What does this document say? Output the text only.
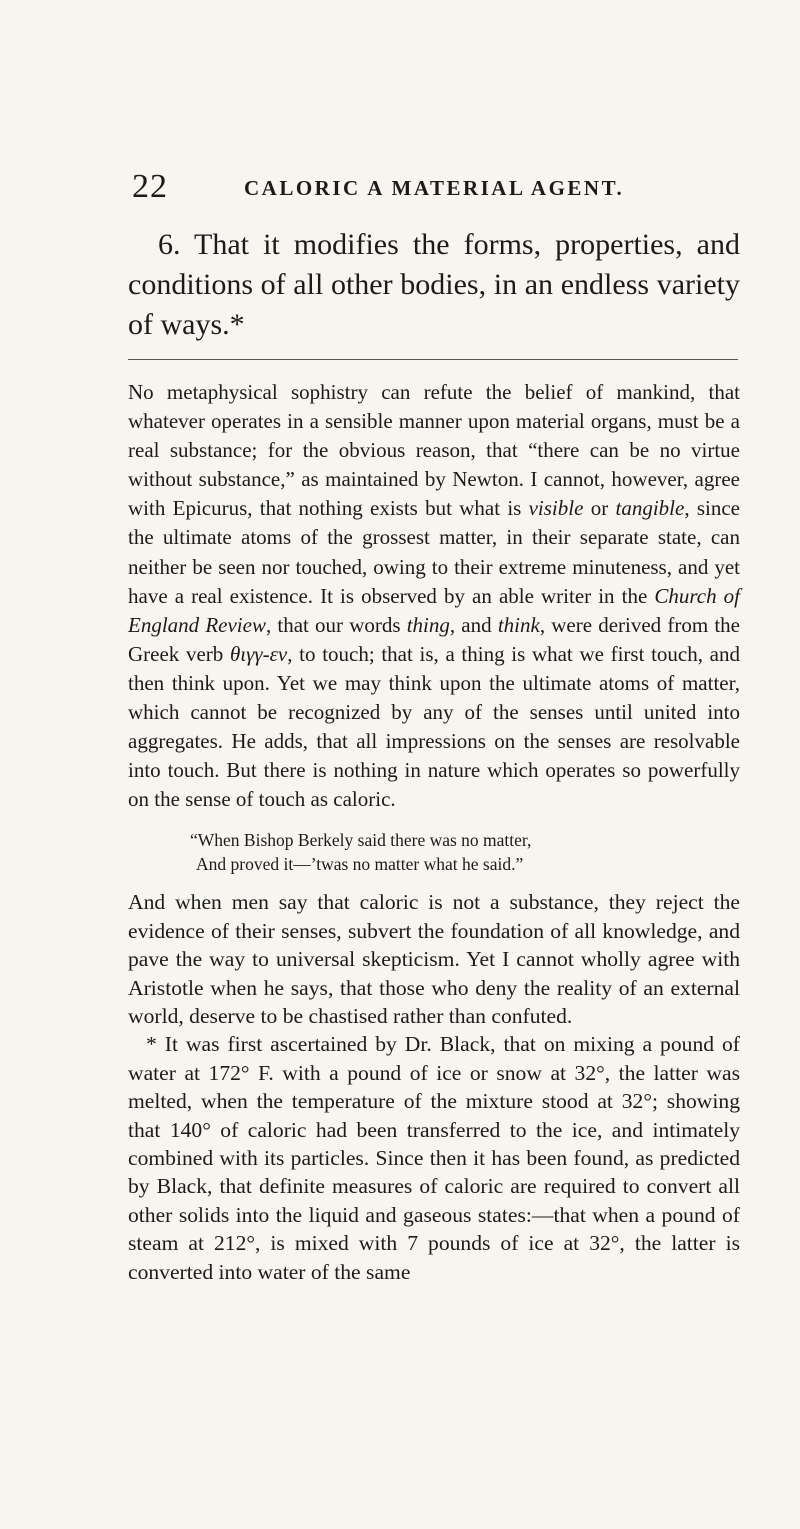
22	CALORIC A MATERIAL AGENT.

6. That it modifies the forms, properties, and conditions of all other bodies, in an endless variety of ways.*

No metaphysical sophistry can refute the belief of mankind, that whatever operates in a sensible manner upon material organs, must be a real substance; for the obvious reason, that “there can be no virtue without substance,” as maintained by Newton. I cannot, however, agree with Epicurus, that nothing exists but what is visible or tangible, since the ultimate atoms of the grossest matter, in their separate state, can neither be seen nor touched, owing to their extreme minuteness, and yet have a real existence. It is observed by an able writer in the Church of England Review, that our words thing, and think, were derived from the Greek verb θιγγ-εν, to touch; that is, a thing is what we first touch, and then think upon. Yet we may think upon the ultimate atoms of matter, which cannot be recognized by any of the senses until united into aggregates. He adds, that all impressions on the senses are resolvable into touch. But there is nothing in nature which operates so powerfully on the sense of touch as caloric.

“When Bishop Berkely said there was no matter,
And proved it—’twas no matter what he said.”

And when men say that caloric is not a substance, they reject the evidence of their senses, subvert the foundation of all knowledge, and pave the way to universal skepticism. Yet I cannot wholly agree with Aristotle when he says, that those who deny the reality of an external world, deserve to be chastised rather than confuted.

* It was first ascertained by Dr. Black, that on mixing a pound of water at 172° F. with a pound of ice or snow at 32°, the latter was melted, when the temperature of the mixture stood at 32°; showing that 140° of caloric had been transferred to the ice, and intimately combined with its particles. Since then it has been found, as predicted by Black, that definite measures of caloric are required to convert all other solids into the liquid and gaseous states:—that when a pound of steam at 212°, is mixed with 7 pounds of ice at 32°, the latter is converted into water of the same
